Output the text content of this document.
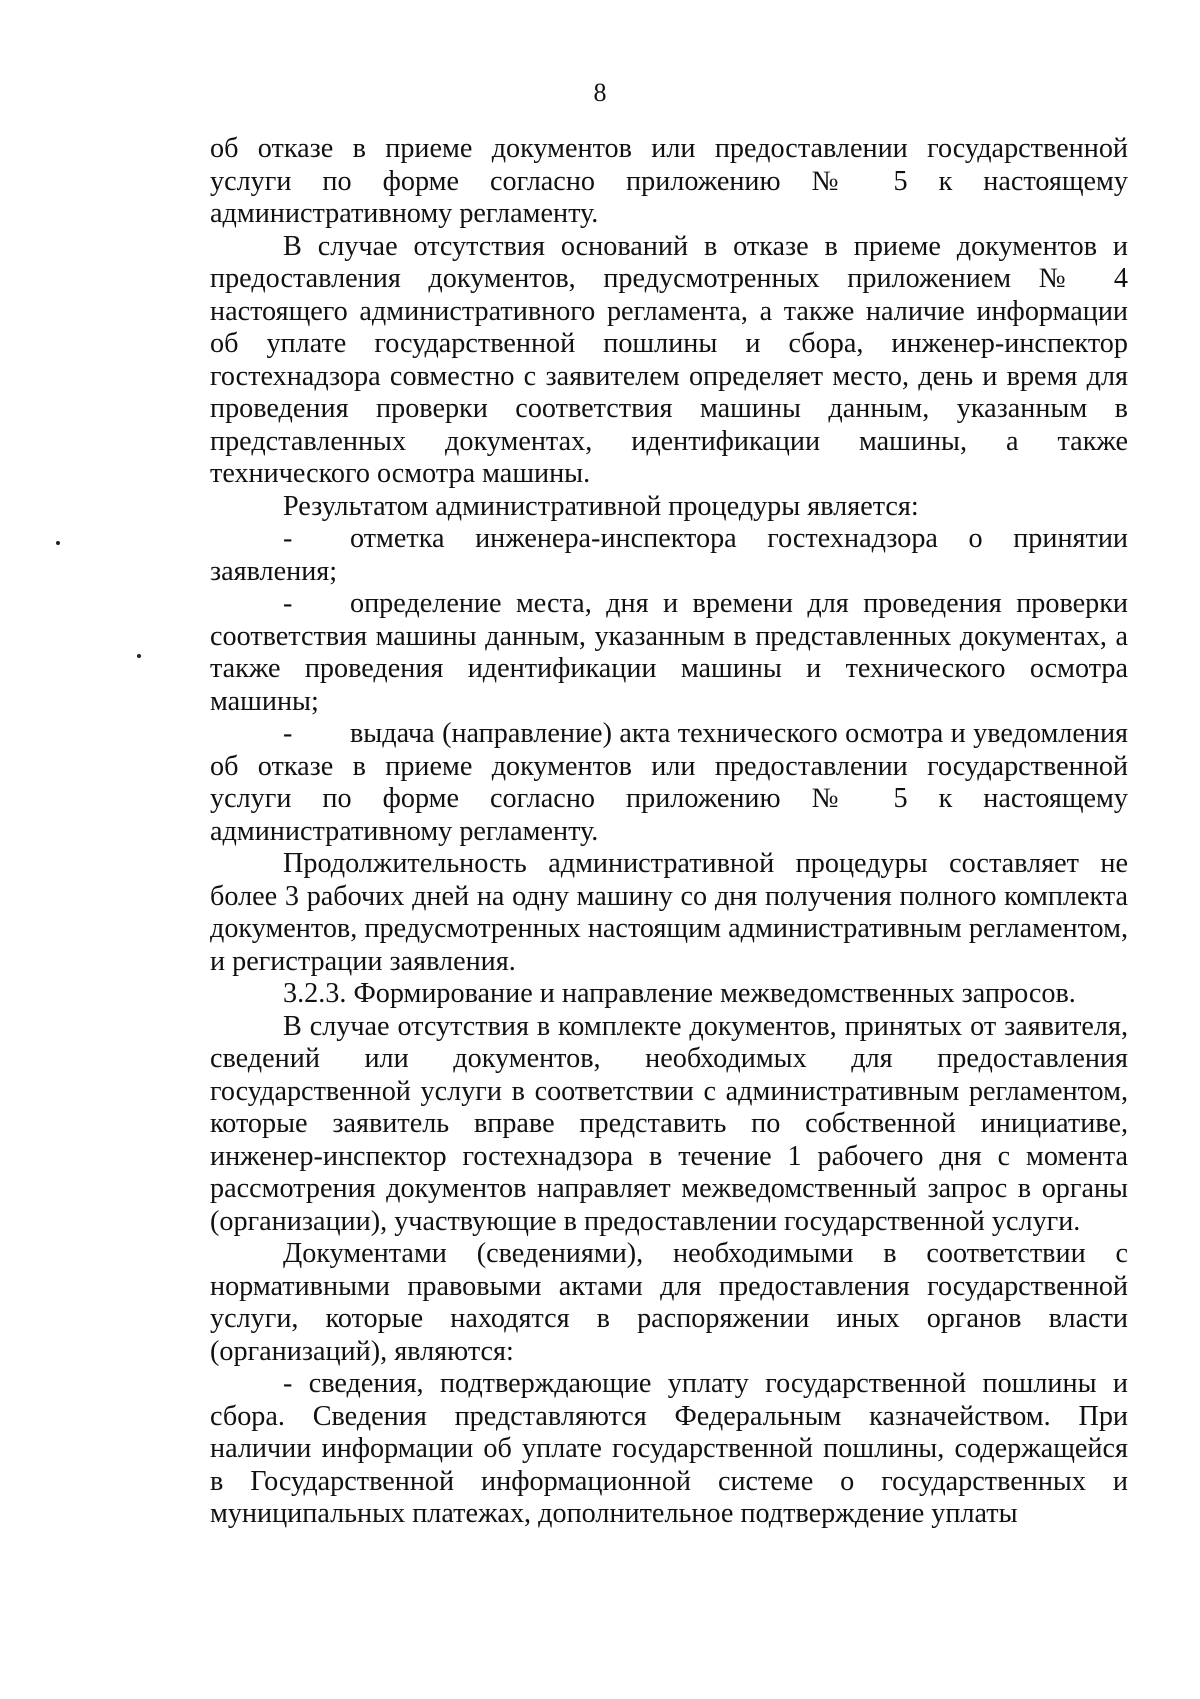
8

об отказе в приеме документов или предоставлении государственной услуги по форме согласно приложению № 5 к настоящему административному регламенту.

В случае отсутствия оснований в отказе в приеме документов и предоставления документов, предусмотренных приложением № 4 настоящего административного регламента, а также наличие информации об уплате государственной пошлины и сбора, инженер-инспектор гостехнадзора совместно с заявителем определяет место, день и время для проведения проверки соответствия машины данным, указанным в представленных документах, идентификации машины, а также технического осмотра машины.

Результатом административной процедуры является:

- отметка инженера-инспектора гостехнадзора о принятии заявления;

- определение места, дня и времени для проведения проверки соответствия машины данным, указанным в представленных документах, а также проведения идентификации машины и технического осмотра машины;

- выдача (направление) акта технического осмотра и уведомления об отказе в приеме документов или предоставлении государственной услуги по форме согласно приложению № 5 к настоящему административному регламенту.

Продолжительность административной процедуры составляет не более 3 рабочих дней на одну машину со дня получения полного комплекта документов, предусмотренных настоящим административным регламентом, и регистрации заявления.

3.2.3. Формирование и направление межведомственных запросов.

В случае отсутствия в комплекте документов, принятых от заявителя, сведений или документов, необходимых для предоставления государственной услуги в соответствии с административным регламентом, которые заявитель вправе представить по собственной инициативе, инженер-инспектор гостехнадзора в течение 1 рабочего дня с момента рассмотрения документов направляет межведомственный запрос в органы (организации), участвующие в предоставлении государственной услуги.

Документами (сведениями), необходимыми в соответствии с нормативными правовыми актами для предоставления государственной услуги, которые находятся в распоряжении иных органов власти (организаций), являются:

- сведения, подтверждающие уплату государственной пошлины и сбора. Сведения представляются Федеральным казначейством. При наличии информации об уплате государственной пошлины, содержащейся в Государственной информационной системе о государственных и муниципальных платежах, дополнительное подтверждение уплаты
